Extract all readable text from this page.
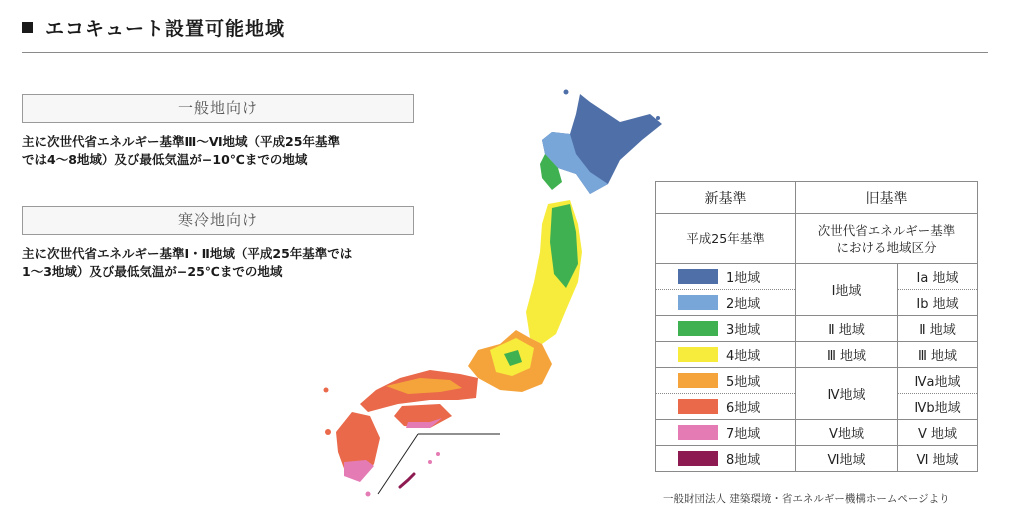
エコキュート設置可能地域
一般地向け
主に次世代省エネルギー基準Ⅲ〜Ⅵ地域（平成25年基準
では4〜8地域）及び最低気温が−10℃までの地域
寒冷地向け
主に次世代省エネルギー基準Ⅰ・Ⅱ地域（平成25年基準では
1〜3地域）及び最低気温が−25℃までの地域
新基準	旧基準	
平成25年基準	次世代省エネルギー基準
における地域区分	

1地域	Ⅰ地域	Ⅰa 地域
2地域		Ⅰb 地域
3地域	Ⅱ 地域	Ⅱ 地域
4地域	Ⅲ 地域	Ⅲ 地域
5地域	Ⅳ地域	Ⅳa地域
6地域		Ⅳb地域
7地域	Ⅴ地域	Ⅴ 地域
8地域	Ⅵ地域	Ⅵ 地域
一般財団法人 建築環境・省エネルギー機構ホームページより
